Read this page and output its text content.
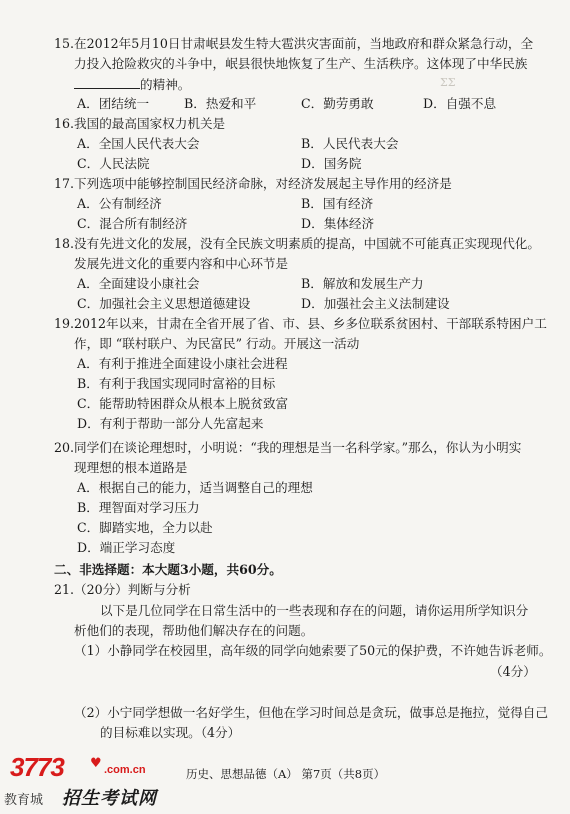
ΣΣ
15. 在2012年5月10日甘肃岷县发生特大雹洪灾害面前，当地政府和群众紧急行动，全
力投入抢险救灾的斗争中，岷县很快地恢复了生产、生活秩序。这体现了中华民族
的精神。
A．团结统一	B．热爱和平	C．勤劳勇敢	D．自强不息
16. 我国的最高国家权力机关是
A．全国人民代表大会	B．人民代表大会
C．人民法院	D．国务院
17. 下列选项中能够控制国民经济命脉，对经济发展起主导作用的经济是
A．公有制经济	B．国有经济
C．混合所有制经济	D．集体经济
18. 没有先进文化的发展，没有全民族文明素质的提高，中国就不可能真正实现现代化。
发展先进文化的重要内容和中心环节是
A．全面建设小康社会	B．解放和发展生产力
C．加强社会主义思想道德建设	D．加强社会主义法制建设
19. 2012年以来，甘肃在全省开展了省、市、县、乡多位联系贫困村、干部联系特困户工
作，即 “联村联户、为民富民” 行动。开展这一活动
A．有利于推进全面建设小康社会进程
B．有利于我国实现同时富裕的目标
C．能帮助特困群众从根本上脱贫致富
D．有利于帮助一部分人先富起来
20. 同学们在谈论理想时，小明说：“我的理想是当一名科学家。”那么，你认为小明实
现理想的根本道路是
A．根据自己的能力，适当调整自己的理想
B．理智面对学习压力
C．脚踏实地，全力以赴
D．端正学习态度
二、非选择题：本大题3小题，共60分。
21. （20分）判断与分析
以下是几位同学在日常生活中的一些表现和存在的问题，请你运用所学知识分
析他们的表现，帮助他们解决存在的问题。
（1）小静同学在校园里，高年级的同学向她索要了50元的保护费，不许她告诉老师。
（4分）
（2）小宁同学想做一名好学生，但他在学习时间总是贪玩，做事总是拖拉，觉得自己
的目标难以实现。（4分）
历史、思想品德（A） 第7页（共8页）
3773 ♥ .com.cn
教育城 招生考试网
